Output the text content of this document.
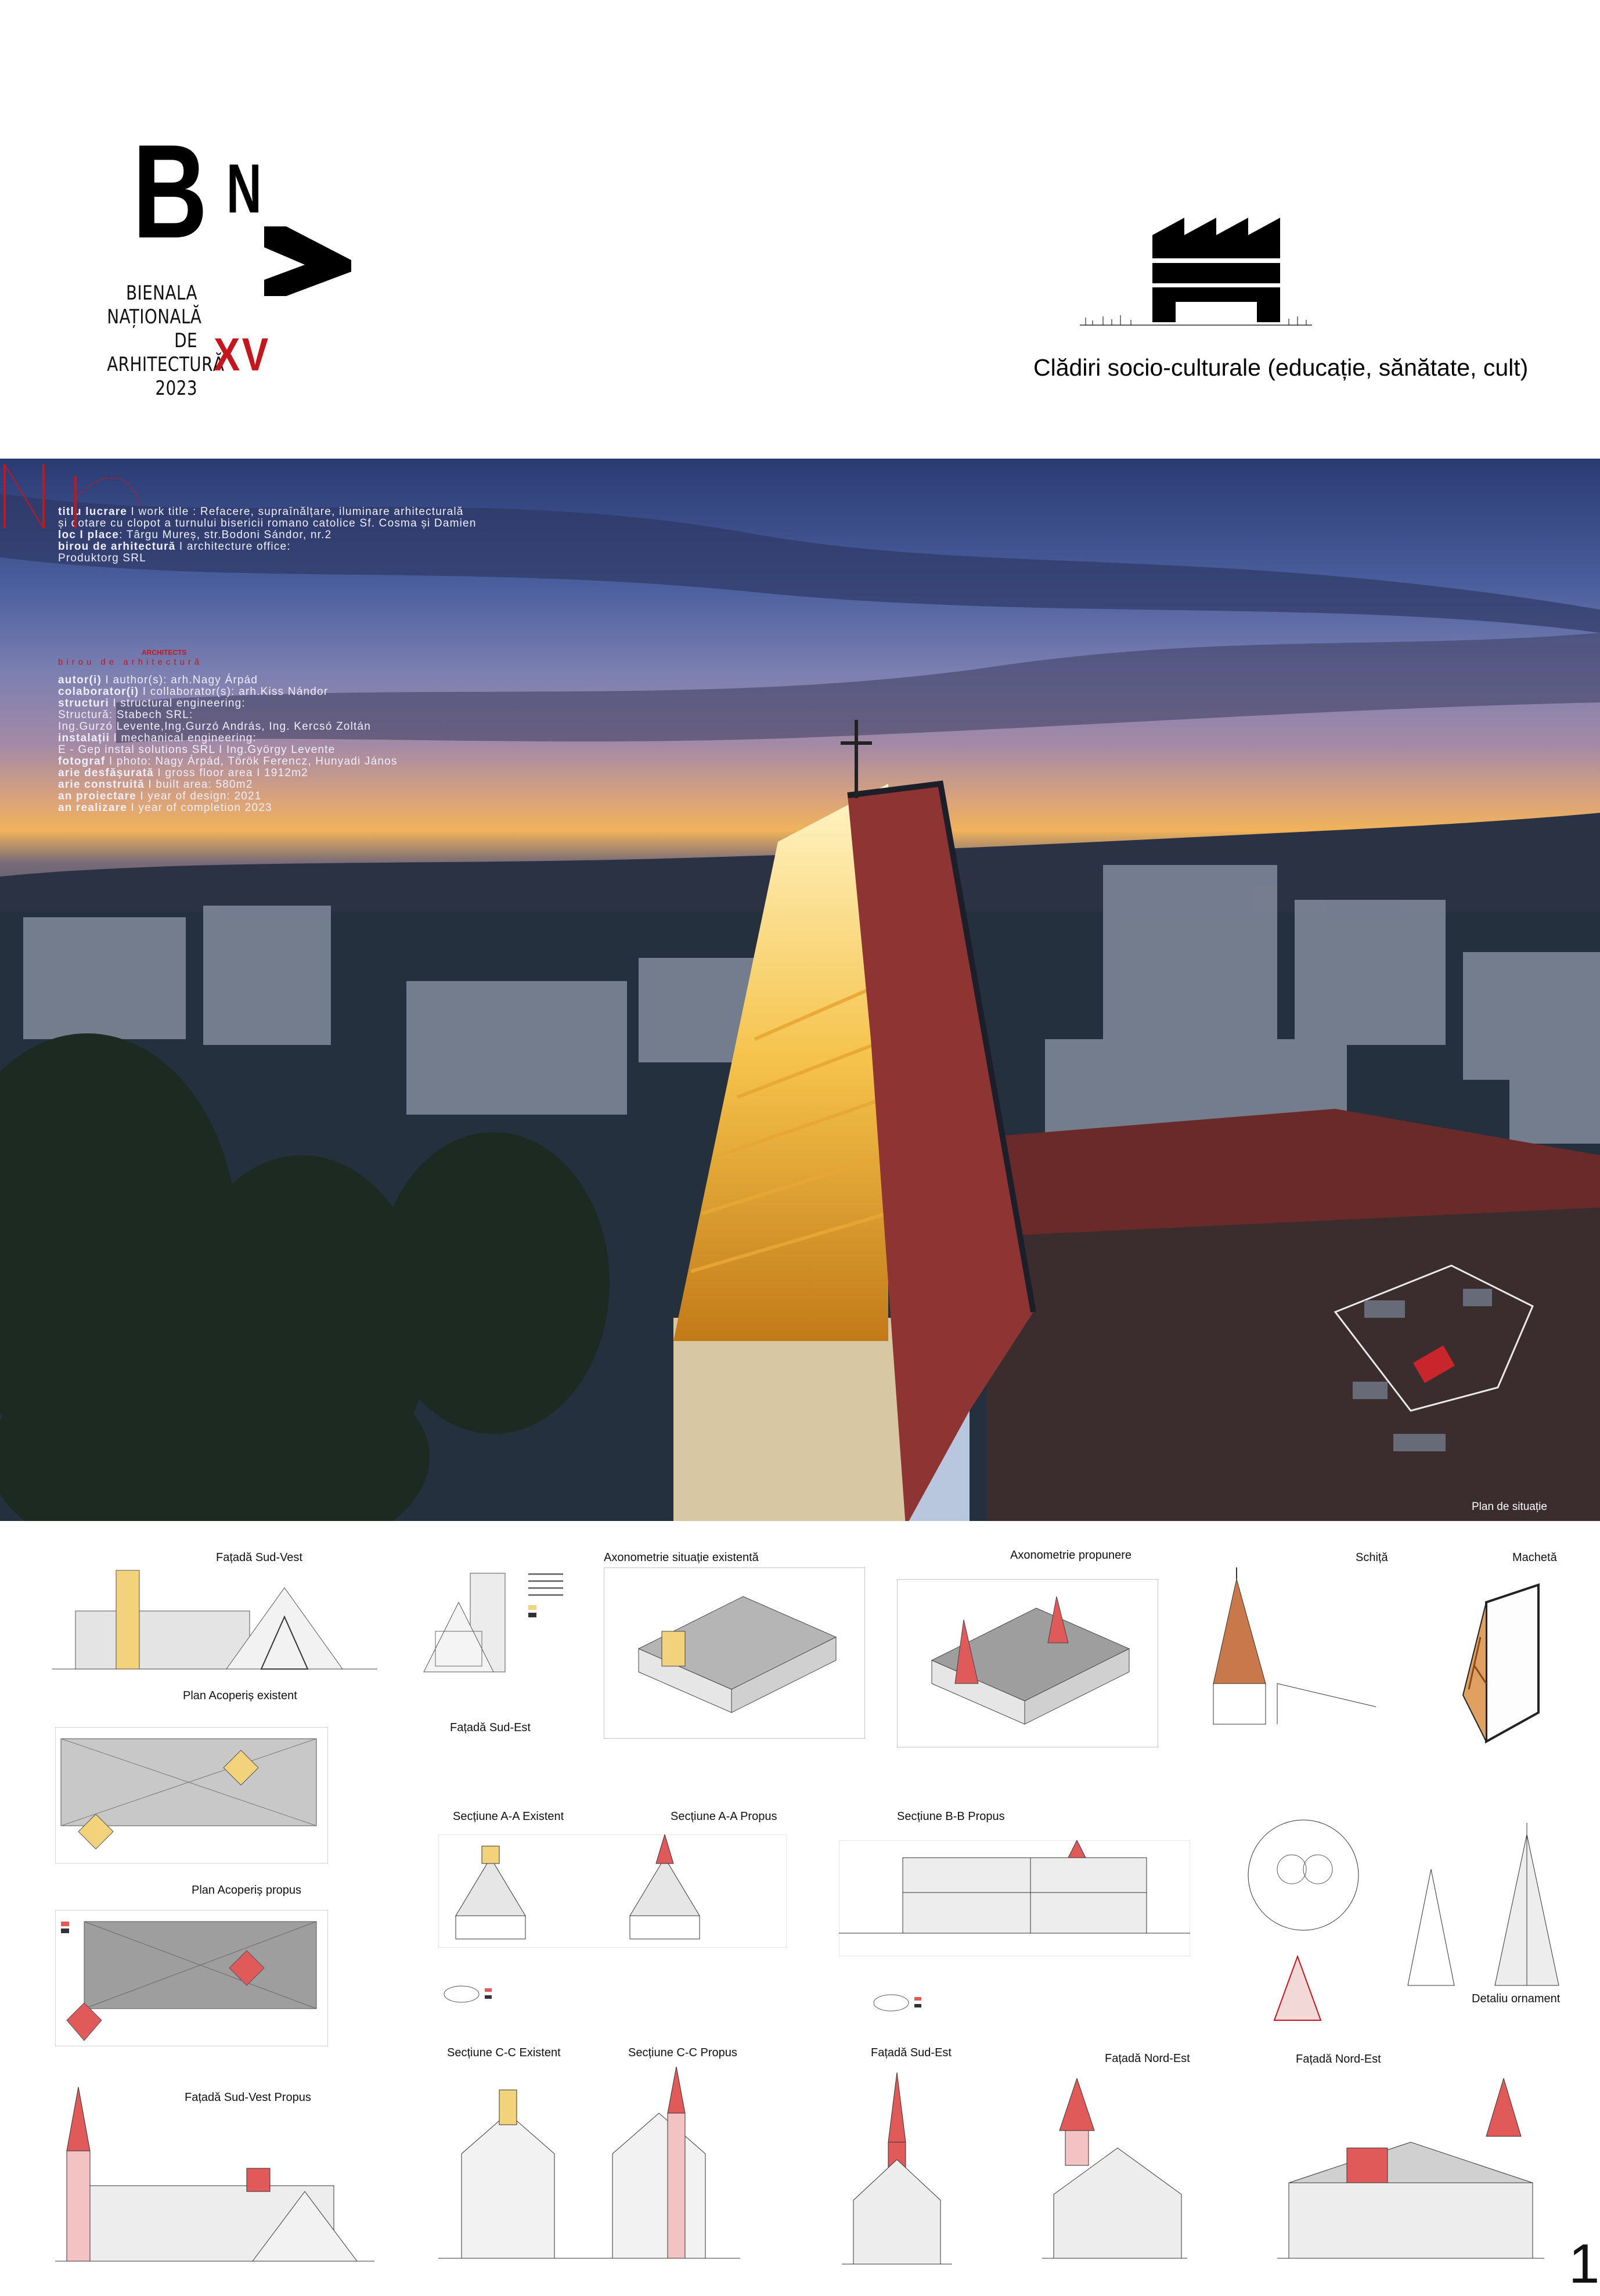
B N
BIENALA
NAȚIONALĂ
DE
ARHITECTURĂ
2023
XV	Clădiri socio-culturale (educație, sănătate, cult)
titlu lucrare I work title : Refacere, supraînălțare, iluminare arhitecturală
și dotare cu clopot a turnului bisericii romano catolice Sf. Cosma și Damien
loc I place: Târgu Mureș, str.Bodoni Sándor, nr.2
birou de arhitectură I architecture office:
Produktorg SRL
ARCHITECTS
birou de arhitectură
autor(i) I author(s): arh.Nagy Árpád
colaborator(i) I collaborator(s): arh.Kiss Nándor
structuri I structural engineering:
Structură: Stabech SRL:
Ing.Gurzó Levente,Ing.Gurzó András, Ing. Kercsó Zoltán
instalații I mechanical engineering:
E - Gep instal solutions SRL I Ing.György Levente
fotograf I photo: Nagy Árpád, Török Ferencz, Hunyadi János
arie desfășurată I gross floor area I 1912m2
arie construită I built area: 580m2
an proiectare I year of design: 2021
an realizare I year of completion 2023
Plan de situație
Fațadă Sud-Vest
Fațadă Sud-Est
Axonometrie situație existentă	Axonometrie propunere	Schiță	Machetă
Plan Acoperiș existent
Plan Acoperiș propus
Secțiune A-A Existent	Secțiune A-A Propus	Secțiune B-B Propus
Detaliu ornament
Secțiune C-C Existent	Secțiune C-C Propus	Fațadă Sud-Est	Fațadă Nord-Est	Fațadă Nord-Est
Fațadă Sud-Vest Propus
1
